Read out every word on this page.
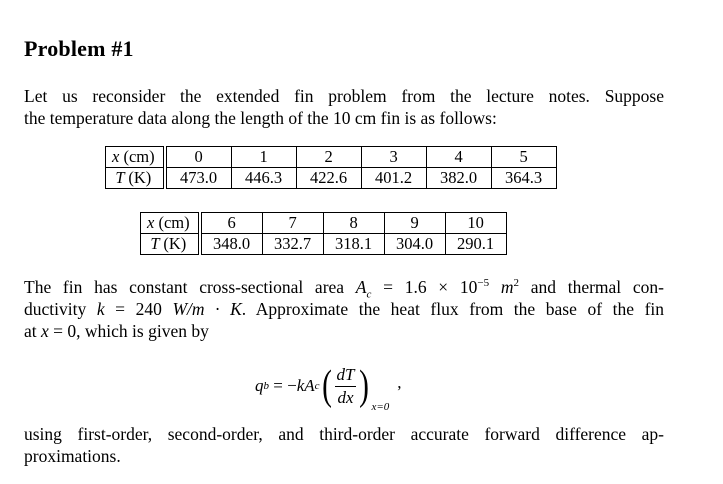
Problem #1
Let us reconsider the extended fin problem from the lecture notes. Suppose
the temperature data along the length of the 10 cm fin is as follows:
x (cm)	0	1	2	3	4	5
T (K)	473.0	446.3	422.6	401.2	382.0	364.3
x (cm)	6	7	8	9	10
T (K)	348.0	332.7	318.1	304.0	290.1
The fin has constant cross-sectional area $A_c = 1.6 \times 10^{-5}$ $m^2$ and thermal con-
ductivity k = 240 W/m · K. Approximate the heat flux from the base of the fin
at x = 0, which is given by
q b = − kA c ( $\frac{dT}{dx}$ ) x=0
,
using first-order, second-order, and third-order accurate forward difference ap-
proximations.
